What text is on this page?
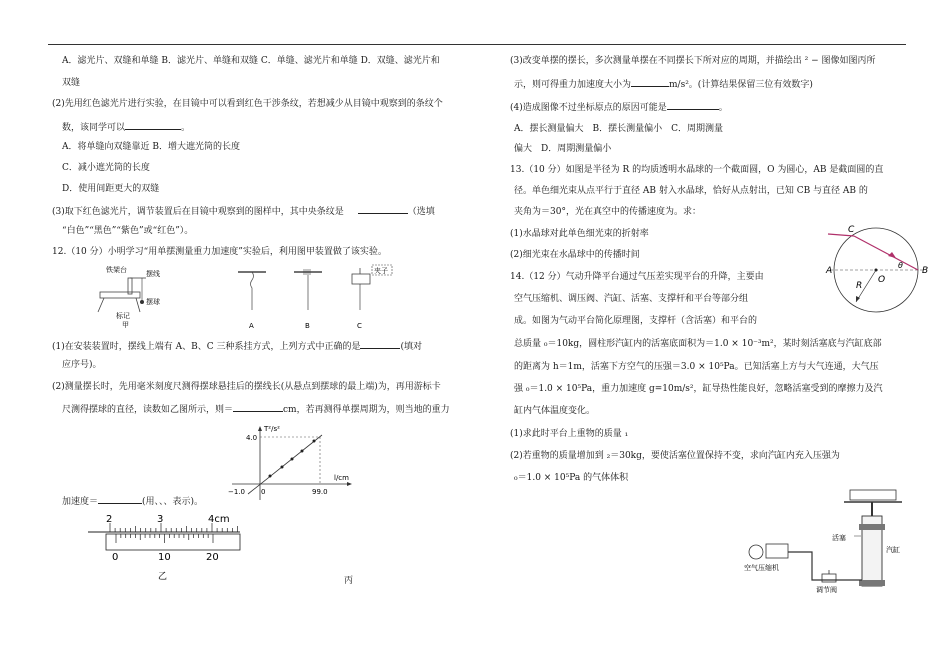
A．滤光片、双缝和单缝 B．滤光片、单缝和双缝 C．单缝、滤光片和单缝 D．双缝、滤光片和
双缝
(2)先用红色滤光片进行实验，在目镜中可以看到红色干涉条纹，若想减少从目镜中观察到的条纹个
数，该同学可以	。
A．将单缝向双缝靠近 B．增大遮光筒的长度
C．减小遮光筒的长度
D．使用间距更大的双缝
(3)取下红色滤光片，调节装置后在目镜中观察到的图样中，其中央条纹是	（选填
“白色”“黑色”“紫色”或“红色”）。
12.（10 分）小明学习“用单摆测量重力加速度”实验后，利用图甲装置做了该实验。
(1)在安装装置时，摆线上端有 A、B、C 三种系挂方式，上列方式中正确的是	(填对
应序号)。
(2)测量摆长时，先用毫米刻度尺测得摆球悬挂后的摆线长(从悬点到摆球的最上端)为，再用游标卡
尺测得摆球的直径，读数如乙图所示，则＝	cm，若再测得单摆周期为，则当地的重力
加速度＝	(用、、、表示)。
铁架台	摆线
摆球
标记
甲
夹子
A	B	C
T²/s²
l/cm
4.0
99.0
−1.0 0
2	3	4cm
0	10	20
乙	丙
(3)改变单摆的摆长，多次测量单摆在不同摆长下所对应的周期，并描绘出 ² − 图像如图丙所
示，则可得重力加速度大小为	m/s²。(计算结果保留三位有效数字)
(4)造成图像不过坐标原点的原因可能是	。
A．摆长测量偏大　B．摆长测量偏小　C．周期测量
偏大　D．周期测量偏小
13.（10 分）如图是半径为 R 的均质透明水晶球的一个截面圆，O 为圆心，AB 是截面圆的直
径。单色细光束从点平行于直径 AB 射入水晶球，恰好从点射出，已知 CB 与直径 AB 的
夹角为＝30°，光在真空中的传播速度为。求：
(1)水晶球对此单色细光束的折射率
(2)细光束在水晶球中的传播时间
14.（12 分）气动升降平台通过气压差实现平台的升降，主要由
空气压缩机、调压阀、汽缸、活塞、支撑杆和平台等部分组
成。如图为气动平台简化原理图，支撑杆（含活塞）和平台的
总质量 ₀＝10kg，圆柱形汽缸内的活塞底面积为＝1.0 × 10⁻³m²，某时刻活塞底与汽缸底部
的距离为 h＝1m，活塞下方空气的压强＝3.0 × 10⁵Pa。已知活塞上方与大气连通，大气压
强 ₀＝1.0 × 10⁵Pa，重力加速度 g=10m/s²，缸导热性能良好，忽略活塞受到的摩擦力及汽
缸内气体温度变化。
(1)求此时平台上重物的质量 ₁
(2)若重物的质量增加到 ₂＝30kg，要使活塞位置保持不变，求向汽缸内充入压强为
₀＝1.0 × 10⁵Pa 的气体体积
C
A	B
O
R
θ
活塞
汽缸
空气压缩机
调节阀
